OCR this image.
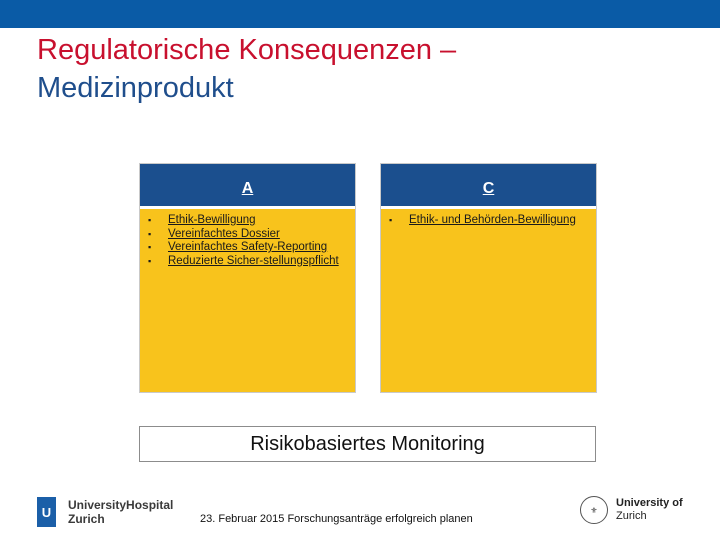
Regulatorische Konsequenzen –
Medizinprodukt
A
▪ Ethik-Bewilligung
▪ Vereinfachtes Dossier
▪ Vereinfachtes Safety-Reporting
▪ Reduzierte Sicher-stellungspflicht
C
▪ Ethik- und Behörden-Bewilligung
Risikobasiertes Monitoring
U	UniversityHospital
Zurich	23. Februar 2015 Forschungsanträge erfolgreich planen
⚜
University of
Zurich
